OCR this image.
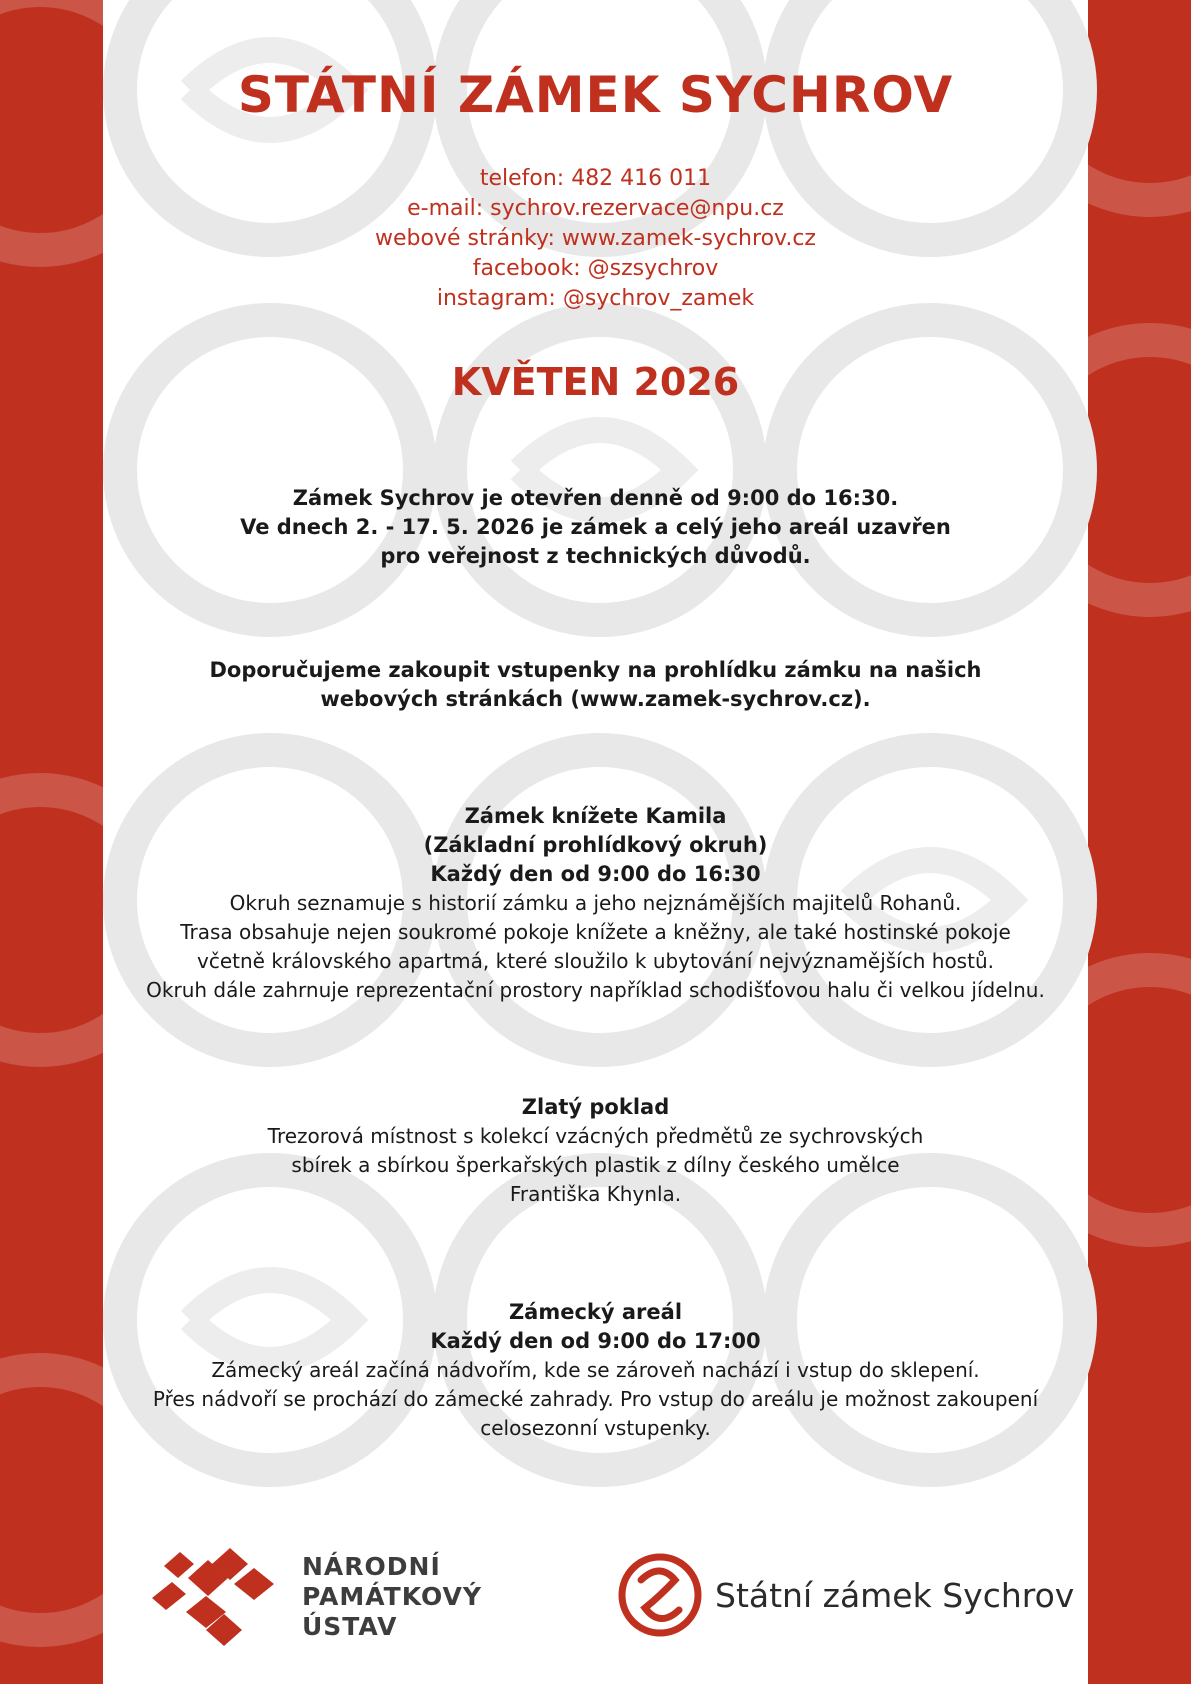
STÁTNÍ ZÁMEK SYCHROV
telefon: 482 416 011
e-mail: sychrov.rezervace@npu.cz
webové stránky: www.zamek-sychrov.cz
facebook: @szsychrov
instagram: @sychrov_zamek
KVĚTEN 2026
Zámek Sychrov je otevřen denně od 9:00 do 16:30.
Ve dnech 2. - 17. 5. 2026 je zámek a celý jeho areál uzavřen
pro veřejnost z technických důvodů.
Doporučujeme zakoupit vstupenky na prohlídku zámku na našich
webových stránkách (www.zamek-sychrov.cz).
Zámek knížete Kamila
(Základní prohlídkový okruh)
Každý den od 9:00 do 16:30
Okruh seznamuje s historií zámku a jeho nejznámějších majitelů Rohanů.
Trasa obsahuje nejen soukromé pokoje knížete a kněžny, ale také hostinské pokoje
včetně královského apartmá, které sloužilo k ubytování nejvýznamějších hostů.
Okruh dále zahrnuje reprezentační prostory například schodišťovou halu či velkou jídelnu.
Zlatý poklad
Trezorová místnost s kolekcí vzácných předmětů ze sychrovských
sbírek a sbírkou šperkařských plastik z dílny českého umělce
Františka Khynla.
Zámecký areál
Každý den od 9:00 do 17:00
Zámecký areál začíná nádvořím, kde se zároveň nachází i vstup do sklepení.
Přes nádvoří se prochází do zámecké zahrady. Pro vstup do areálu je možnost zakoupení
celosezonní vstupenky.
NÁRODNÍ
PAMÁTKOVÝ
ÚSTAV
Státní zámek Sychrov
